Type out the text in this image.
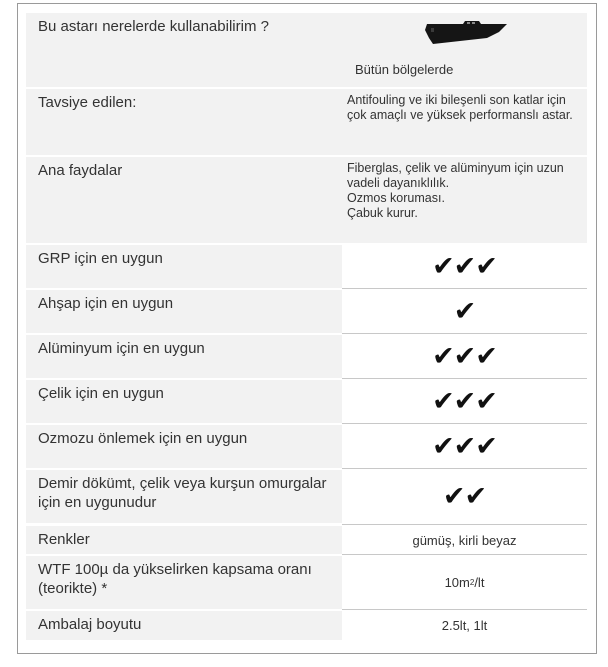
Bu astarı nerelerde kullanabilirim ?
Bütün bölgelerde
Tavsiye edilen:	Antifouling ve iki bileşenli son katlar için çok amaçlı ve yüksek performanslı astar.
Ana faydalar	Fiberglas, çelik ve alüminyum için uzun vadeli dayanıklılık.
Ozmos koruması.
Çabuk kurur.
GRP için en uygun	✔✔✔
Ahşap için en uygun	✔
Alüminyum için en uygun	✔✔✔
Çelik için en uygun	✔✔✔
Ozmozu önlemek için en uygun	✔✔✔
Demir dökümt, çelik veya kurşun omurgalar için en uygunudur	✔✔
Renkler	gümüş, kirli beyaz
WTF 100µ da yükselirken kapsama oranı (teorikte) *	10m 2 /lt
Ambalaj boyutu	2.5lt, 1lt
